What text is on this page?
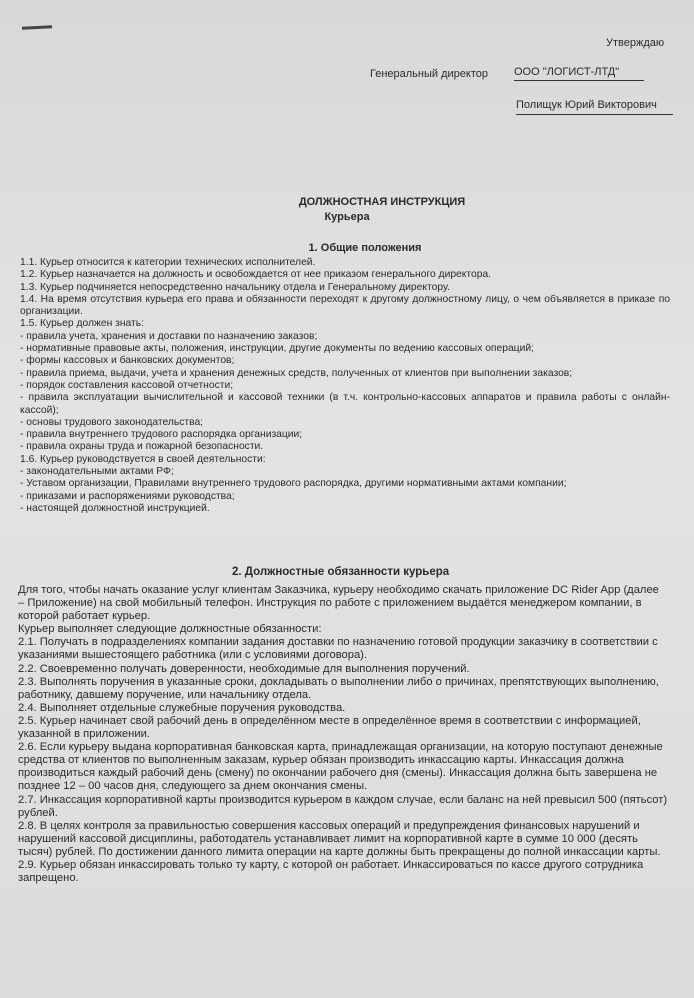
Утверждаю
Генеральный директор ООО "ЛОГИСТ-ЛТД"
Полищук Юрий Викторович
ДОЛЖНОСТНАЯ ИНСТРУКЦИЯ
Курьера
1. Общие положения

1.1. Курьер относится к категории технических исполнителей.

1.2. Курьер назначается на должность и освобождается от нее приказом генерального директора.

1.3. Курьер подчиняется непосредственно начальнику отдела и Генеральному директору.

1.4. На время отсутствия курьера его права и обязанности переходят к другому должностному лицу, о чем объявляется в приказе по организации.

1.5. Курьер должен знать:

- правила учета, хранения и доставки по назначению заказов;

- нормативные правовые акты, положения, инструкции, другие документы по ведению кассовых операций;

- формы кассовых и банковских документов;

- правила приема, выдачи, учета и хранения денежных средств, полученных от клиентов при выполнении заказов;

- порядок составления кассовой отчетности;

- правила эксплуатации вычислительной и кассовой техники (в т.ч. контрольно-кассовых аппаратов и правила работы с онлайн-кассой);

- основы трудового законодательства;

- правила внутреннего трудового распорядка организации;

- правила охраны труда и пожарной безопасности.

1.6. Курьер руководствуется в своей деятельности:

- законодательными актами РФ;

- Уставом организации, Правилами внутреннего трудового распорядка, другими нормативными актами компании;

- приказами и распоряжениями руководства;

- настоящей должностной инструкцией.

2. Должностные обязанности курьера

Для того, чтобы начать оказание услуг клиентам Заказчика, курьеру необходимо скачать приложение DC Rider App (далее – Приложение) на свой мобильный телефон. Инструкция по работе с приложением выдаётся менеджером компании, в которой работает курьер.

Курьер выполняет следующие должностные обязанности:

2.1. Получать в подразделениях компании задания доставки по назначению готовой продукции заказчику в соответствии с указаниями вышестоящего работника (или с условиями договора).

2.2. Своевременно получать доверенности, необходимые для выполнения поручений.

2.3. Выполнять поручения в указанные сроки, докладывать о выполнении либо о причинах, препятствующих выполнению, работнику, давшему поручение, или начальнику отдела.

2.4. Выполняет отдельные служебные поручения руководства.

2.5. Курьер начинает свой рабочий день в определённом месте в определённое время в соответствии с информацией, указанной в приложении.

2.6. Если курьеру выдана корпоративная банковская карта, принадлежащая организации, на которую поступают денежные средства от клиентов по выполненным заказам, курьер обязан производить инкассацию карты. Инкассация должна производиться каждый рабочий день (смену) по окончании рабочего дня (смены). Инкассация должна быть завершена не позднее 12 – 00 часов дня, следующего за днем окончания смены.

2.7. Инкассация корпоративной карты производится курьером в каждом случае, если баланс на ней превысил 500 (пятьсот) рублей.

2.8. В целях контроля за правильностью совершения кассовых операций и предупреждения финансовых нарушений и нарушений кассовой дисциплины, работодатель устанавливает лимит на корпоративной карте в сумме 10 000 (десять тысяч) рублей. По достижении данного лимита операции на карте должны быть прекращены до полной инкассации карты.

2.9. Курьер обязан инкассировать только ту карту, с которой он работает. Инкассироваться по кассе другого сотрудника запрещено.
